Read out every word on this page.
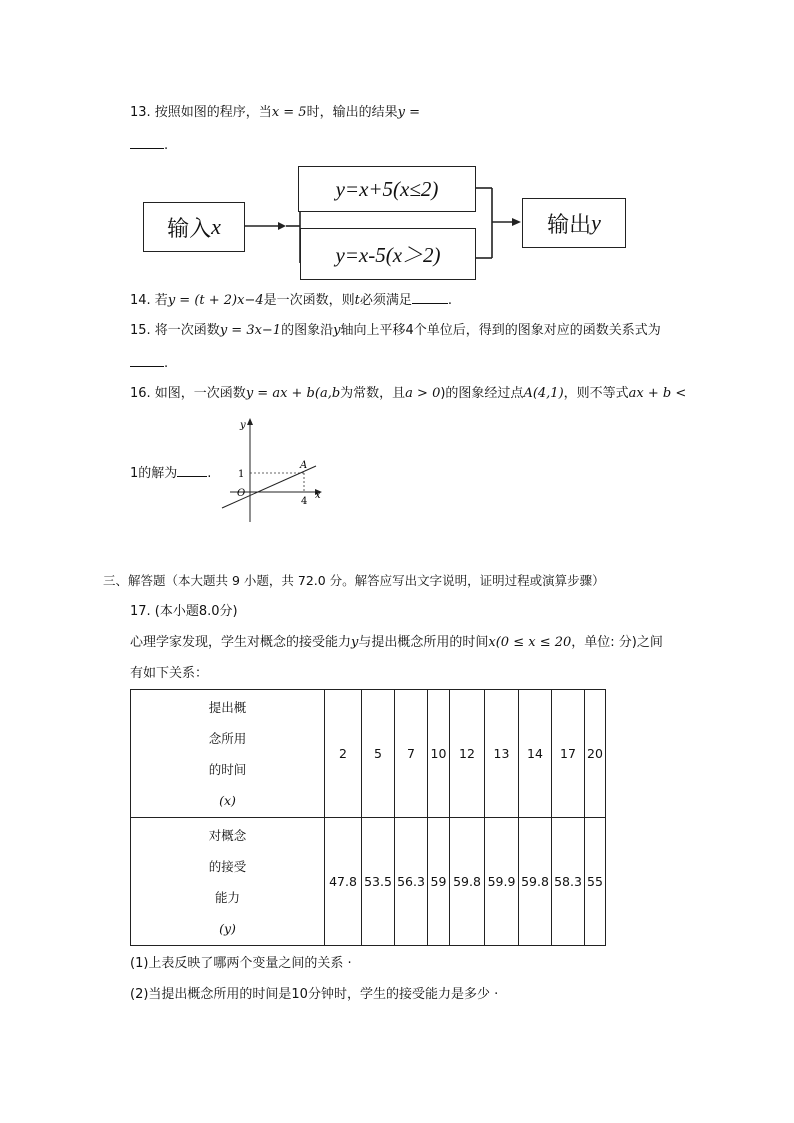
13. 按照如图的程序，当x = 5时，输出的结果y =
.
输入 x
y=x+5(x≤2)
y=x-5(x＞2)
输出 y
14. 若y = (t + 2)x−4是一次函数，则t必须满足	.
15. 将一次函数y = 3x−1的图象沿y轴向上平移4个单位后，得到的图象对应的函数关系式为
.
16. 如图，一次函数y = ax + b(a,b为常数，且a > 0)的图象经过点A(4,1)，则不等式ax + b <
1的解为 .
y
x
O
A
1
4
三、解答题（本大题共 9 小题，共 72.0 分。解答应写出文字说明，证明过程或演算步骤）
17. (本小题8.0分)
心理学家发现，学生对概念的接受能力y与提出概念所用的时间x(0 ≤ x ≤ 20，单位: 分)之间
有如下关系：
提出概
念所用
的时间
(x)	2	5	7	10	12	13	14	17	20

对概念
的接受
能力
(y)	47.8	53.5	56.3	59	59.8	59.9	59.8	58.3	55
(1)上表反映了哪两个变量之间的关系 ·
(2)当提出概念所用的时间是10分钟时，学生的接受能力是多少 ·
